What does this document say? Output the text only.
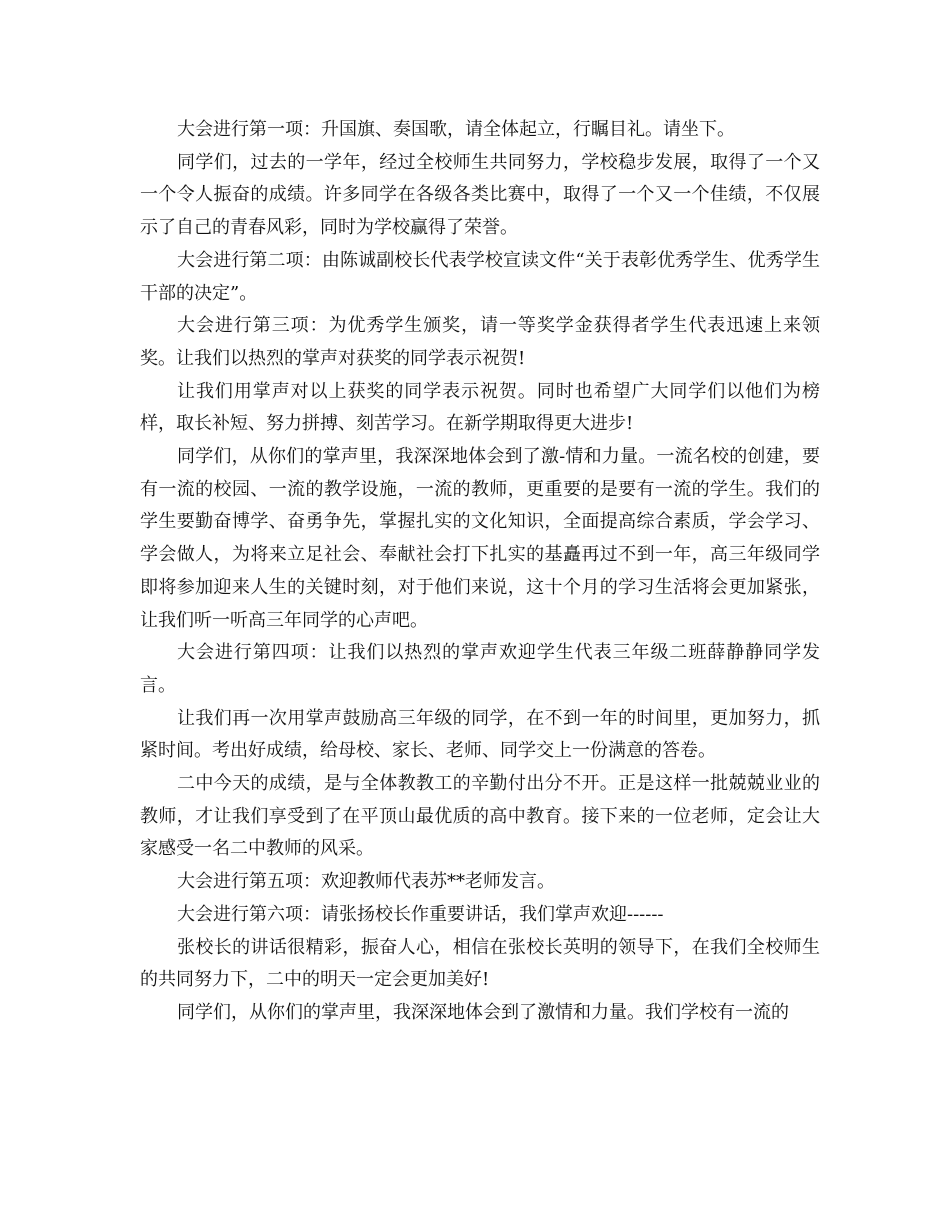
大会进行第一项：升国旗、奏国歌，请全体起立，行瞩目礼。请坐下。

同学们，过去的一学年，经过全校师生共同努力，学校稳步发展，取得了一个又一个令人振奋的成绩。许多同学在各级各类比赛中，取得了一个又一个佳绩，不仅展示了自己的青春风彩，同时为学校赢得了荣誉。

大会进行第二项：由陈诚副校长代表学校宣读文件“关于表彰优秀学生、优秀学生干部的决定”。

大会进行第三项：为优秀学生颁奖，请一等奖学金获得者学生代表迅速上来领奖。让我们以热烈的掌声对获奖的同学表示祝贺!

让我们用掌声对以上获奖的同学表示祝贺。同时也希望广大同学们以他们为榜样，取长补短、努力拼搏、刻苦学习。在新学期取得更大进步!

同学们，从你们的掌声里，我深深地体会到了激-情和力量。一流名校的创建，要有一流的校园、一流的教学设施，一流的教师，更重要的是要有一流的学生。我们的学生要勤奋博学、奋勇争先，掌握扎实的文化知识，全面提高综合素质，学会学习、学会做人，为将来立足社会、奉献社会打下扎实的基矗再过不到一年，高三年级同学即将参加迎来人生的关键时刻，对于他们来说，这十个月的学习生活将会更加紧张，让我们听一听高三年同学的心声吧。

大会进行第四项：让我们以热烈的掌声欢迎学生代表三年级二班薛静静同学发言。

让我们再一次用掌声鼓励高三年级的同学，在不到一年的时间里，更加努力，抓紧时间。考出好成绩，给母校、家长、老师、同学交上一份满意的答卷。

二中今天的成绩，是与全体教教工的辛勤付出分不开。正是这样一批兢兢业业的教师，才让我们享受到了在平顶山最优质的高中教育。接下来的一位老师，定会让大家感受一名二中教师的风采。

大会进行第五项：欢迎教师代表苏**老师发言。

大会进行第六项：请张扬校长作重要讲话，我们掌声欢迎------

张校长的讲话很精彩，振奋人心，相信在张校长英明的领导下，在我们全校师生的共同努力下，二中的明天一定会更加美好!

同学们，从你们的掌声里，我深深地体会到了激情和力量。我们学校有一流的
